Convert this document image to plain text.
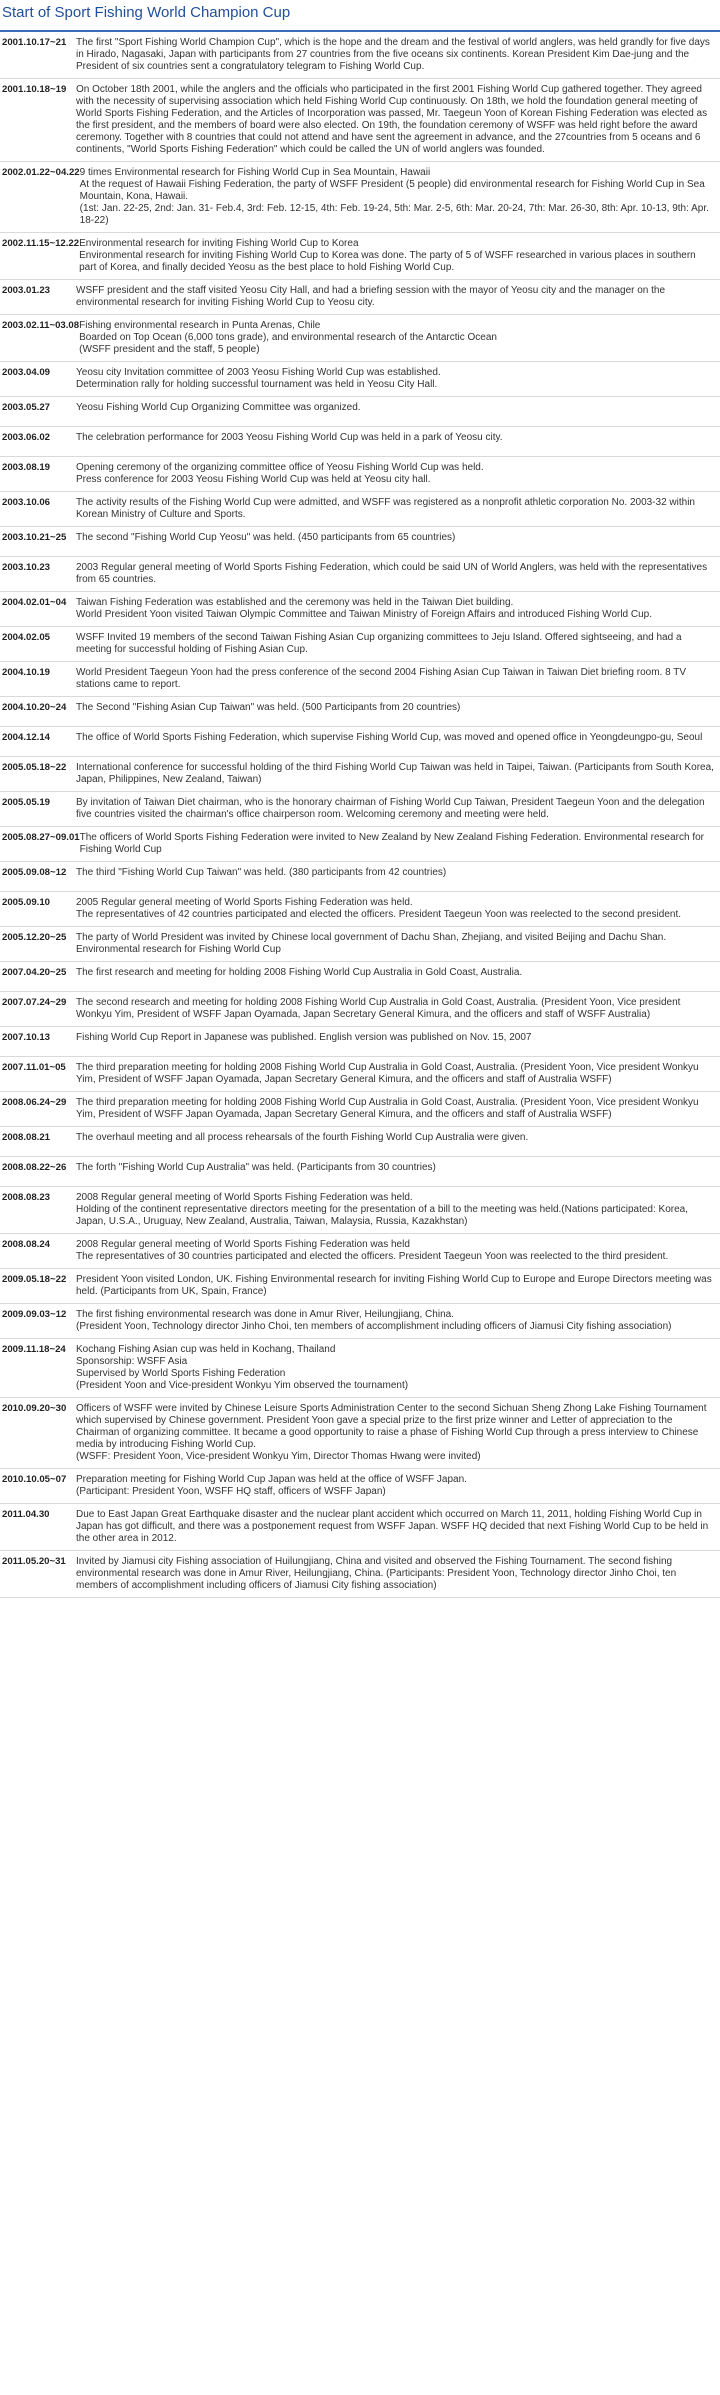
Start of Sport Fishing World Champion Cup
2001.10.17~21 The first "Sport Fishing World Champion Cup", which is the hope and the dream and the festival of world anglers, was held grandly for five days in Hirado, Nagasaki, Japan with participants from 27 countries from the five oceans six continents. Korean President Kim Dae-jung and the President of six countries sent a congratulatory telegram to Fishing World Cup.

2001.10.18~19 On October 18th 2001, while the anglers and the officials who participated in the first 2001 Fishing World Cup gathered together. They agreed with the necessity of supervising association which held Fishing World Cup continuously. On 18th, we hold the foundation general meeting of World Sports Fishing Federation, and the Articles of Incorporation was passed, Mr. Taegeun Yoon of Korean Fishing Federation was elected as the first president, and the members of board were also elected. On 19th, the foundation ceremony of WSFF was held right before the award ceremony. Together with 8 countries that could not attend and have sent the agreement in advance, and the 27countries from 5 oceans and 6 continents, "World Sports Fishing Federation" which could be called the UN of world anglers was founded.

2002.01.22~04.22 9 times Environmental research for Fishing World Cup in Sea Mountain, Hawaii

At the request of Hawaii Fishing Federation, the party of WSFF President (5 people) did environmental research for Fishing World Cup in Sea Mountain, Kona, Hawaii.

(1st: Jan. 22-25, 2nd: Jan. 31- Feb.4, 3rd: Feb. 12-15, 4th: Feb. 19-24, 5th: Mar. 2-5, 6th: Mar. 20-24, 7th: Mar. 26-30, 8th: Apr. 10-13, 9th: Apr. 18-22)

2002.11.15~12.22 Environmental research for inviting Fishing World Cup to Korea

Environmental research for inviting Fishing World Cup to Korea was done. The party of 5 of WSFF researched in various places in southern part of Korea, and finally decided Yeosu as the best place to hold Fishing World Cup.

2003.01.23	WSFF president and the staff visited Yeosu City Hall, and had a briefing session with the mayor of Yeosu city and the manager on the environmental research for inviting Fishing World Cup to Yeosu city.

2003.02.11~03.08 Fishing environmental research in Punta Arenas, Chile

Boarded on Top Ocean (6,000 tons grade), and environmental research of the Antarctic Ocean

(WSFF president and the staff, 5 people)

2003.04.09	Yeosu city Invitation committee of 2003 Yeosu Fishing World Cup was established.

Determination rally for holding successful tournament was held in Yeosu City Hall.

2003.05.27	Yeosu Fishing World Cup Organizing Committee was organized.

2003.06.02	The celebration performance for 2003 Yeosu Fishing World Cup was held in a park of Yeosu city.

2003.08.19	Opening ceremony of the organizing committee office of Yeosu Fishing World Cup was held.

Press conference for 2003 Yeosu Fishing World Cup was held at Yeosu city hall.

2003.10.06	The activity results of the Fishing World Cup were admitted, and WSFF was registered as a nonprofit athletic corporation No. 2003-32 within Korean Ministry of Culture and Sports.

2003.10.21~25 The second "Fishing World Cup Yeosu" was held. (450 participants from 65 countries)

2003.10.23	2003 Regular general meeting of World Sports Fishing Federation, which could be said UN of World Anglers, was held with the representatives from 65 countries.

2004.02.01~04 Taiwan Fishing Federation was established and the ceremony was held in the Taiwan Diet building.

World President Yoon visited Taiwan Olympic Committee and Taiwan Ministry of Foreign Affairs and introduced Fishing World Cup.

2004.02.05	WSFF Invited 19 members of the second Taiwan Fishing Asian Cup organizing committees to Jeju Island. Offered sightseeing, and had a meeting for successful holding of Fishing Asian Cup.

2004.10.19	World President Taegeun Yoon had the press conference of the second 2004 Fishing Asian Cup Taiwan in Taiwan Diet briefing room. 8 TV stations came to report.

2004.10.20~24 The Second "Fishing Asian Cup Taiwan" was held. (500 Participants from 20 countries)

2004.12.14	The office of World Sports Fishing Federation, which supervise Fishing World Cup, was moved and opened office in Yeongdeungpo-gu, Seoul

2005.05.18~22 International conference for successful holding of the third Fishing World Cup Taiwan was held in Taipei, Taiwan. (Participants from South Korea, Japan, Philippines, New Zealand, Taiwan)

2005.05.19	By invitation of Taiwan Diet chairman, who is the honorary chairman of Fishing World Cup Taiwan, President Taegeun Yoon and the delegation five countries visited the chairman's office chairperson room. Welcoming ceremony and meeting were held.

2005.08.27~09.01 The officers of World Sports Fishing Federation were invited to New Zealand by New Zealand Fishing Federation. Environmental research for Fishing World Cup

2005.09.08~12 The third "Fishing World Cup Taiwan" was held. (380 participants from 42 countries)

2005.09.10	2005 Regular general meeting of World Sports Fishing Federation was held.

The representatives of 42 countries participated and elected the officers. President Taegeun Yoon was reelected to the second president.

2005.12.20~25 The party of World President was invited by Chinese local government of Dachu Shan, Zhejiang, and visited Beijing and Dachu Shan. Environmental research for Fishing World Cup

2007.04.20~25 The first research and meeting for holding 2008 Fishing World Cup Australia in Gold Coast, Australia.

2007.07.24~29 The second research and meeting for holding 2008 Fishing World Cup Australia in Gold Coast, Australia. (President Yoon, Vice president Wonkyu Yim, President of WSFF Japan Oyamada, Japan Secretary General Kimura, and the officers and staff of WSFF Australia)

2007.10.13	Fishing World Cup Report in Japanese was published. English version was published on Nov. 15, 2007

2007.11.01~05	The third preparation meeting for holding 2008 Fishing World Cup Australia in Gold Coast, Australia. (President Yoon, Vice president Wonkyu Yim, President of WSFF Japan Oyamada, Japan Secretary General Kimura, and the officers and staff of Australia WSFF)

2008.06.24~29 The third preparation meeting for holding 2008 Fishing World Cup Australia in Gold Coast, Australia. (President Yoon, Vice president Wonkyu Yim, President of WSFF Japan Oyamada, Japan Secretary General Kimura, and the officers and staff of Australia WSFF)

2008.08.21	The overhaul meeting and all process rehearsals of the fourth Fishing World Cup Australia were given.

2008.08.22~26 The forth "Fishing World Cup Australia" was held. (Participants from 30 countries)

2008.08.23	2008 Regular general meeting of World Sports Fishing Federation was held.

Holding of the continent representative directors meeting for the presentation of a bill to the meeting was held.(Nations participated: Korea, Japan, U.S.A., Uruguay, New Zealand, Australia, Taiwan, Malaysia, Russia, Kazakhstan)

2008.08.24	2008 Regular general meeting of World Sports Fishing Federation was held

The representatives of 30 countries participated and elected the officers. President Taegeun Yoon was reelected to the third president.

2009.05.18~22 President Yoon visited London, UK. Fishing Environmental research for inviting Fishing World Cup to Europe and Europe Directors meeting was held. (Participants from UK, Spain, France)

2009.09.03~12 The first fishing environmental research was done in Amur River, Heilungjiang, China.

(President Yoon, Technology director Jinho Choi, ten members of accomplishment including officers of Jiamusi City fishing association)

2009.11.18~24	Kochang Fishing Asian cup was held in Kochang, Thailand

Sponsorship: WSFF Asia

Supervised by World Sports Fishing Federation

(President Yoon and Vice-president Wonkyu Yim observed the tournament)

2010.09.20~30 Officers of WSFF were invited by Chinese Leisure Sports Administration Center to the second Sichuan Sheng Zhong Lake Fishing Tournament which supervised by Chinese government. President Yoon gave a special prize to the first prize winner and Letter of appreciation to the Chairman of organizing committee. It became a good opportunity to raise a phase of Fishing World Cup through a press interview to Chinese media by introducing Fishing World Cup.

(WSFF: President Yoon, Vice-president Wonkyu Yim, Director Thomas Hwang were invited)

2010.10.05~07 Preparation meeting for Fishing World Cup Japan was held at the office of WSFF Japan.

(Participant: President Yoon, WSFF HQ staff, officers of WSFF Japan)

2011.04.30	Due to East Japan Great Earthquake disaster and the nuclear plant accident which occurred on March 11, 2011, holding Fishing World Cup in Japan has got difficult, and there was a postponement request from WSFF Japan. WSFF HQ decided that next Fishing World Cup to be held in the other area in 2012.

2011.05.20~31	Invited by Jiamusi city Fishing association of Huilungjiang, China and visited and observed the Fishing Tournament. The second fishing environmental research was done in Amur River, Heilungjiang, China. (Participants: President Yoon, Technology director Jinho Choi, ten members of accomplishment including officers of Jiamusi City fishing association)
